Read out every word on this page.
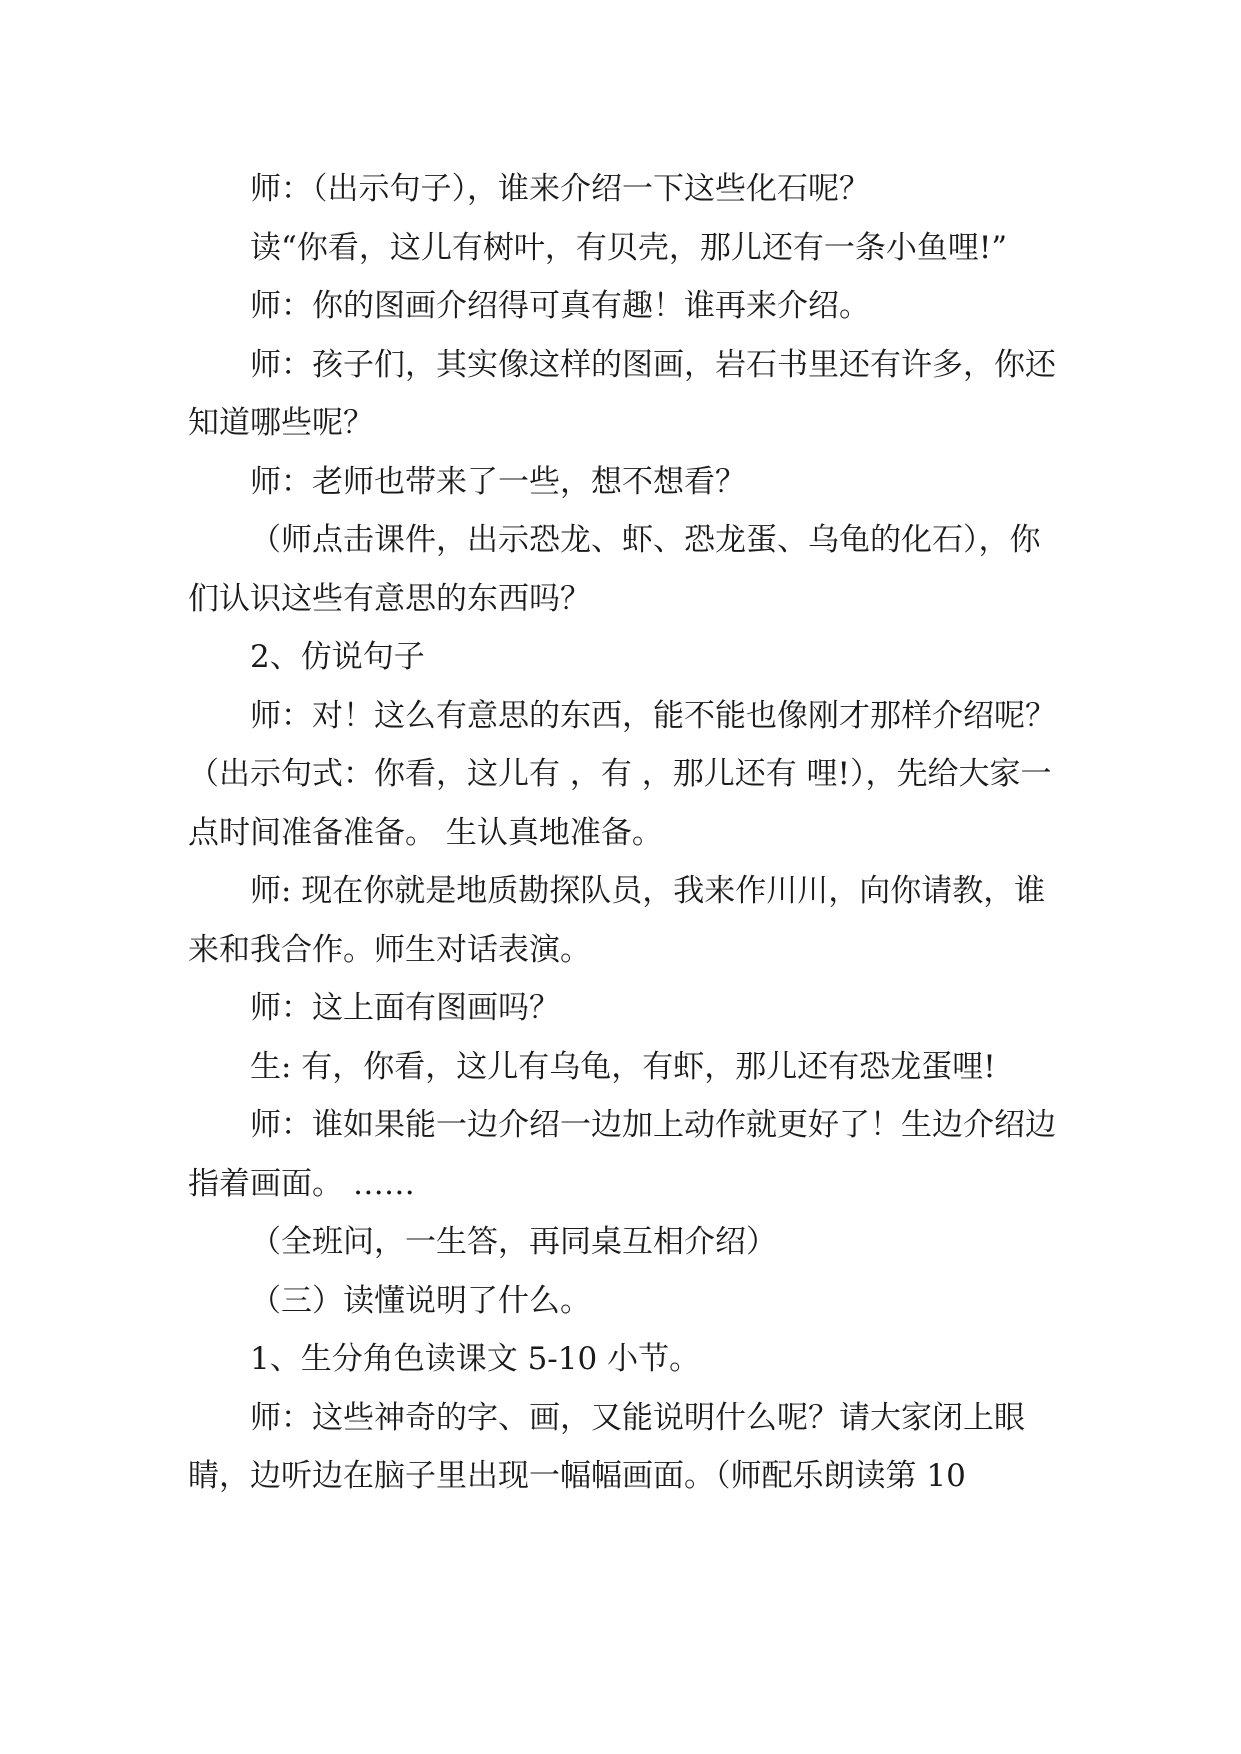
师：（出示句子），谁来介绍一下这些化石呢？

读“你看，这儿有树叶，有贝壳，那儿还有一条小鱼哩!”

师：你的图画介绍得可真有趣！谁再来介绍。

师：孩子们，其实像这样的图画，岩石书里还有许多，你还知道哪些呢？

师：老师也带来了一些，想不想看？

（师点击课件，出示恐龙、虾、恐龙蛋、乌龟的化石），你们认识这些有意思的东西吗？

2、仿说句子

师：对！这么有意思的东西，能不能也像刚才那样介绍呢？（出示句式：你看，这儿有 ，有 ，那儿还有 哩!），先给大家一点时间准备准备。 生认真地准备。

师: 现在你就是地质勘探队员，我来作川川，向你请教，谁来和我合作。师生对话表演。

师：这上面有图画吗？

生: 有，你看，这儿有乌龟，有虾，那儿还有恐龙蛋哩!

师：谁如果能一边介绍一边加上动作就更好了！生边介绍边指着画面。 ……

（全班问，一生答，再同桌互相介绍）

（三）读懂说明了什么。

1、生分角色读课文 5-10 小节。

师：这些神奇的字、画，又能说明什么呢？请大家闭上眼睛，边听边在脑子里出现一幅幅画面。（师配乐朗读第 10
